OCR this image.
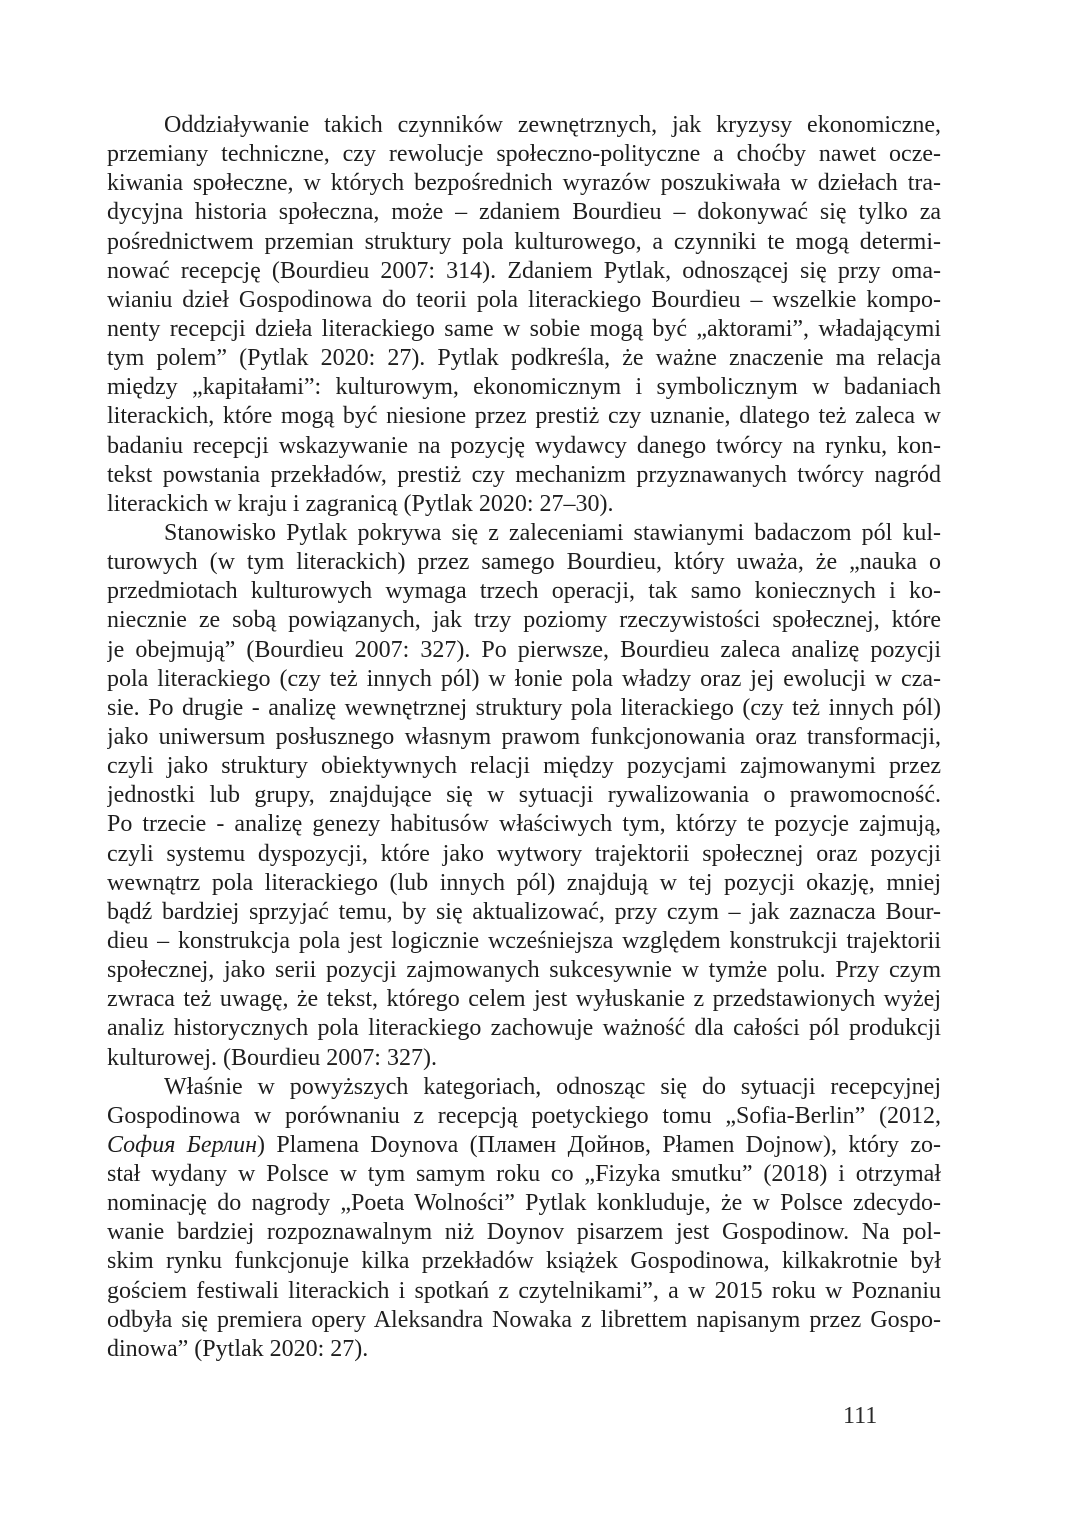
Oddziaływanie takich czynników zewnętrznych, jak kryzysy ekonomiczne,
przemiany techniczne, czy rewolucje społeczno-polityczne a choćby nawet ocze-
kiwania społeczne, w których bezpośrednich wyrazów poszukiwała w dziełach tra-
dycyjna historia społeczna, może – zdaniem Bourdieu – dokonywać się tylko za
pośrednictwem przemian struktury pola kulturowego, a czynniki te mogą determi-
nować recepcję (Bourdieu 2007: 314). Zdaniem Pytlak, odnoszącej się przy oma-
wianiu dzieł Gospodinowa do teorii pola literackiego Bourdieu – wszelkie kompo-
nenty recepcji dzieła literackiego same w sobie mogą być „aktorami”, władającymi
tym polem” (Pytlak 2020: 27). Pytlak podkreśla, że ważne znaczenie ma relacja
między „kapitałami”: kulturowym, ekonomicznym i symbolicznym w badaniach
literackich, które mogą być niesione przez prestiż czy uznanie, dlatego też zaleca w
badaniu recepcji wskazywanie na pozycję wydawcy danego twórcy na rynku, kon-
tekst powstania przekładów, prestiż czy mechanizm przyznawanych twórcy nagród
literackich w kraju i zagranicą (Pytlak 2020: 27–30).
Stanowisko Pytlak pokrywa się z zaleceniami stawianymi badaczom pól kul-
turowych (w tym literackich) przez samego Bourdieu, który uważa, że „nauka o
przedmiotach kulturowych wymaga trzech operacji, tak samo koniecznych i ko-
niecznie ze sobą powiązanych, jak trzy poziomy rzeczywistości społecznej, które
je obejmują” (Bourdieu 2007: 327). Po pierwsze, Bourdieu zaleca analizę pozycji
pola literackiego (czy też innych pól) w łonie pola władzy oraz jej ewolucji w cza-
sie. Po drugie - analizę wewnętrznej struktury pola literackiego (czy też innych pól)
jako uniwersum posłusznego własnym prawom funkcjonowania oraz transformacji,
czyli jako struktury obiektywnych relacji między pozycjami zajmowanymi przez
jednostki lub grupy, znajdujące się w sytuacji rywalizowania o prawomocność.
Po trzecie - analizę genezy habitusów właściwych tym, którzy te pozycje zajmują,
czyli systemu dyspozycji, które jako wytwory trajektorii społecznej oraz pozycji
wewnątrz pola literackiego (lub innych pól) znajdują w tej pozycji okazję, mniej
bądź bardziej sprzyjać temu, by się aktualizować, przy czym – jak zaznacza Bour-
dieu – konstrukcja pola jest logicznie wcześniejsza względem konstrukcji trajektorii
społecznej, jako serii pozycji zajmowanych sukcesywnie w tymże polu. Przy czym
zwraca też uwagę, że tekst, którego celem jest wyłuskanie z przedstawionych wyżej
analiz historycznych pola literackiego zachowuje ważność dla całości pól produkcji
kulturowej. (Bourdieu 2007: 327).
Właśnie w powyższych kategoriach, odnosząc się do sytuacji recepcyjnej
Gospodinowa w porównaniu z recepcją poetyckiego tomu „Sofia-Berlin” (2012,
София Берлин) Plamena Doynova (Пламен Дойнов, Płamen Dojnow), który zo-
stał wydany w Polsce w tym samym roku co „Fizyka smutku” (2018) i otrzymał
nominację do nagrody „Poeta Wolności” Pytlak konkluduje, że w Polsce zdecydo-
wanie bardziej rozpoznawalnym niż Doynov pisarzem jest Gospodinow. Na pol-
skim rynku funkcjonuje kilka przekładów książek Gospodinowa, kilkakrotnie był
gościem festiwali literackich i spotkań z czytelnikami”, a w 2015 roku w Poznaniu
odbyła się premiera opery Aleksandra Nowaka z librettem napisanym przez Gospo-
dinowa” (Pytlak 2020: 27).
111
